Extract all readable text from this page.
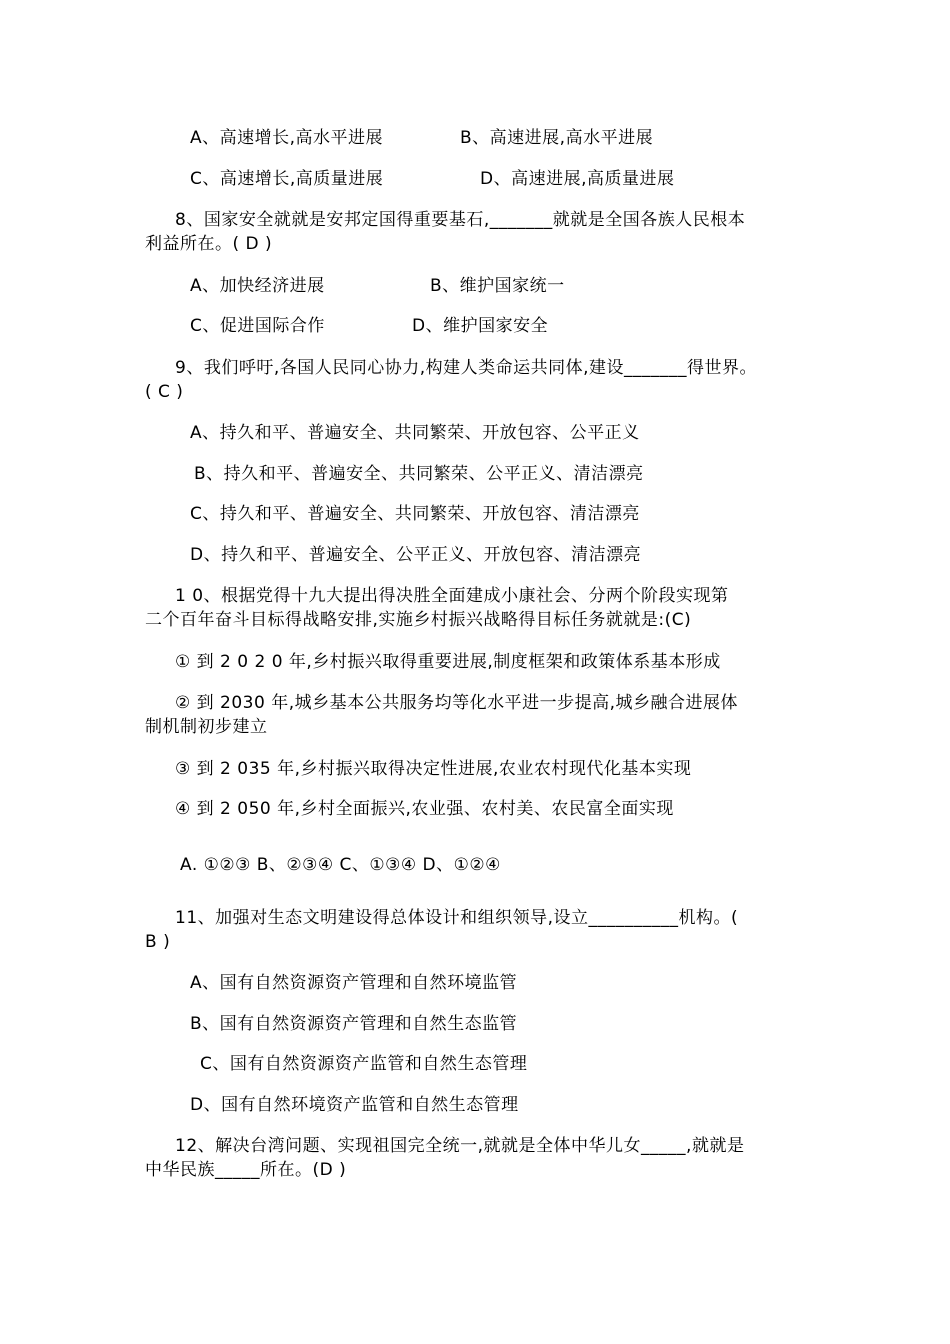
A、高速增长,高水平进展	B、高速进展,高水平进展
C、高速增长,高质量进展	D、高速进展,高质量进展
8、国家安全就就是安邦定国得重要基石,_______就就是全国各族人民根本
利益所在。( D )
A、加快经济进展	B、维护国家统一
C、促进国际合作	D、维护国家安全
9、我们呼吁,各国人民同心协力,构建人类命运共同体,建设_______得世界。
( C )
A、持久和平、普遍安全、共同繁荣、开放包容、公平正义
B、持久和平、普遍安全、共同繁荣、公平正义、清洁漂亮
C、持久和平、普遍安全、共同繁荣、开放包容、清洁漂亮
D、持久和平、普遍安全、公平正义、开放包容、清洁漂亮
1 0、根据党得十九大提出得决胜全面建成小康社会、分两个阶段实现第
二个百年奋斗目标得战略安排,实施乡村振兴战略得目标任务就就是:(C)
① 到 2 0 2 0 年,乡村振兴取得重要进展,制度框架和政策体系基本形成
② 到 2030 年,城乡基本公共服务均等化水平进一步提高,城乡融合进展体
制机制初步建立
③ 到 2 035 年,乡村振兴取得决定性进展,农业农村现代化基本实现
④ 到 2 050 年,乡村全面振兴,农业强、农村美、农民富全面实现
A. ①②③ B、②③④ C、①③④ D、①②④
11、加强对生态文明建设得总体设计和组织领导,设立__________机构。(
B )
A、国有自然资源资产管理和自然环境监管
B、国有自然资源资产管理和自然生态监管
C、国有自然资源资产监管和自然生态管理
D、国有自然环境资产监管和自然生态管理
12、解决台湾问题、实现祖国完全统一,就就是全体中华儿女_____,就就是
中华民族_____所在。(D )
